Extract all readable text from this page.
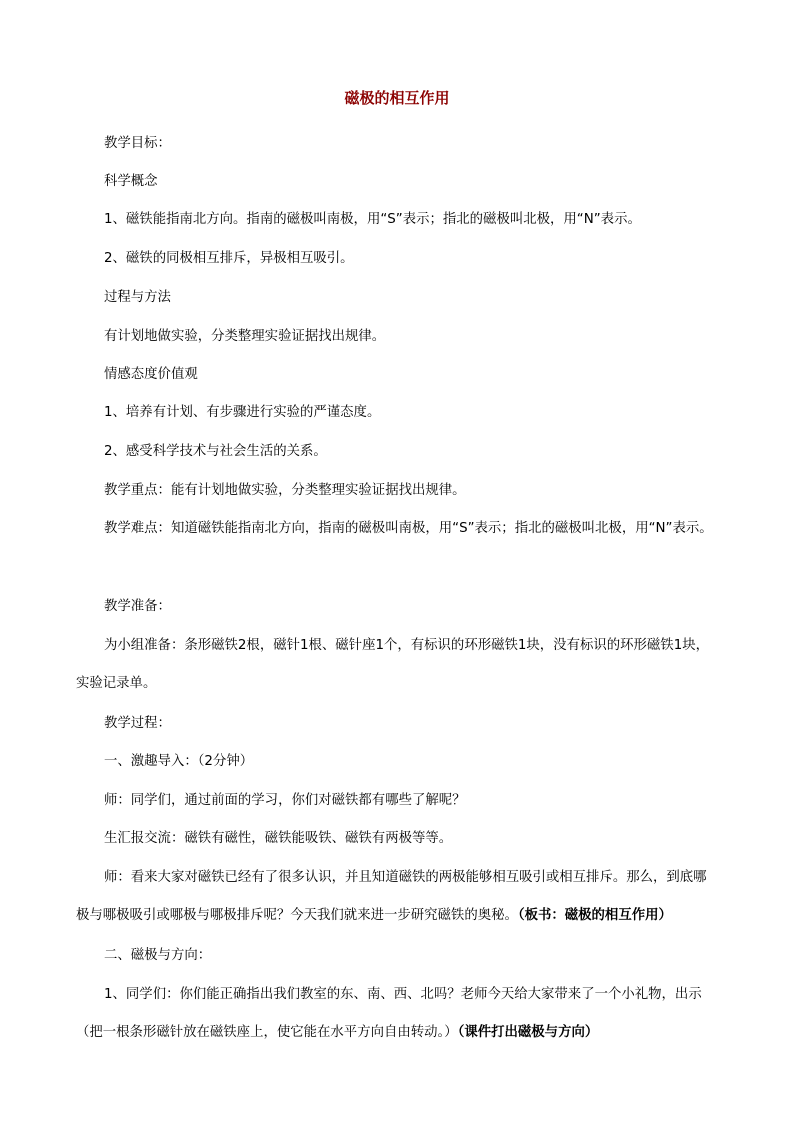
磁极的相互作用
教学目标：
科学概念
1、磁铁能指南北方向。指南的磁极叫南极，用“S”表示；指北的磁极叫北极，用“N”表示。
2、磁铁的同极相互排斥，异极相互吸引。
过程与方法
有计划地做实验，分类整理实验证据找出规律。
情感态度价值观
1、培养有计划、有步骤进行实验的严谨态度。
2、感受科学技术与社会生活的关系。
教学重点：能有计划地做实验，分类整理实验证据找出规律。
教学难点：知道磁铁能指南北方向，指南的磁极叫南极，用“S”表示；指北的磁极叫北极，用“N”表示。
教学准备：
为小组准备：条形磁铁2根，磁针1根、磁针座1个，有标识的环形磁铁1块，没有标识的环形磁铁1块，实验记录单。
教学过程：
一、激趣导入：（2分钟）
师：同学们，通过前面的学习，你们对磁铁都有哪些了解呢？
生汇报交流：磁铁有磁性，磁铁能吸铁、磁铁有两极等等。
师：看来大家对磁铁已经有了很多认识，并且知道磁铁的两极能够相互吸引或相互排斥。那么，到底哪极与哪极吸引或哪极与哪极排斥呢？今天我们就来进一步研究磁铁的奥秘。（板书：磁极的相互作用）
二、磁极与方向：
1、同学们：你们能正确指出我们教室的东、南、西、北吗？老师今天给大家带来了一个小礼物，出示（把一根条形磁针放在磁铁座上，使它能在水平方向自由转动。）（课件打出磁极与方向）
